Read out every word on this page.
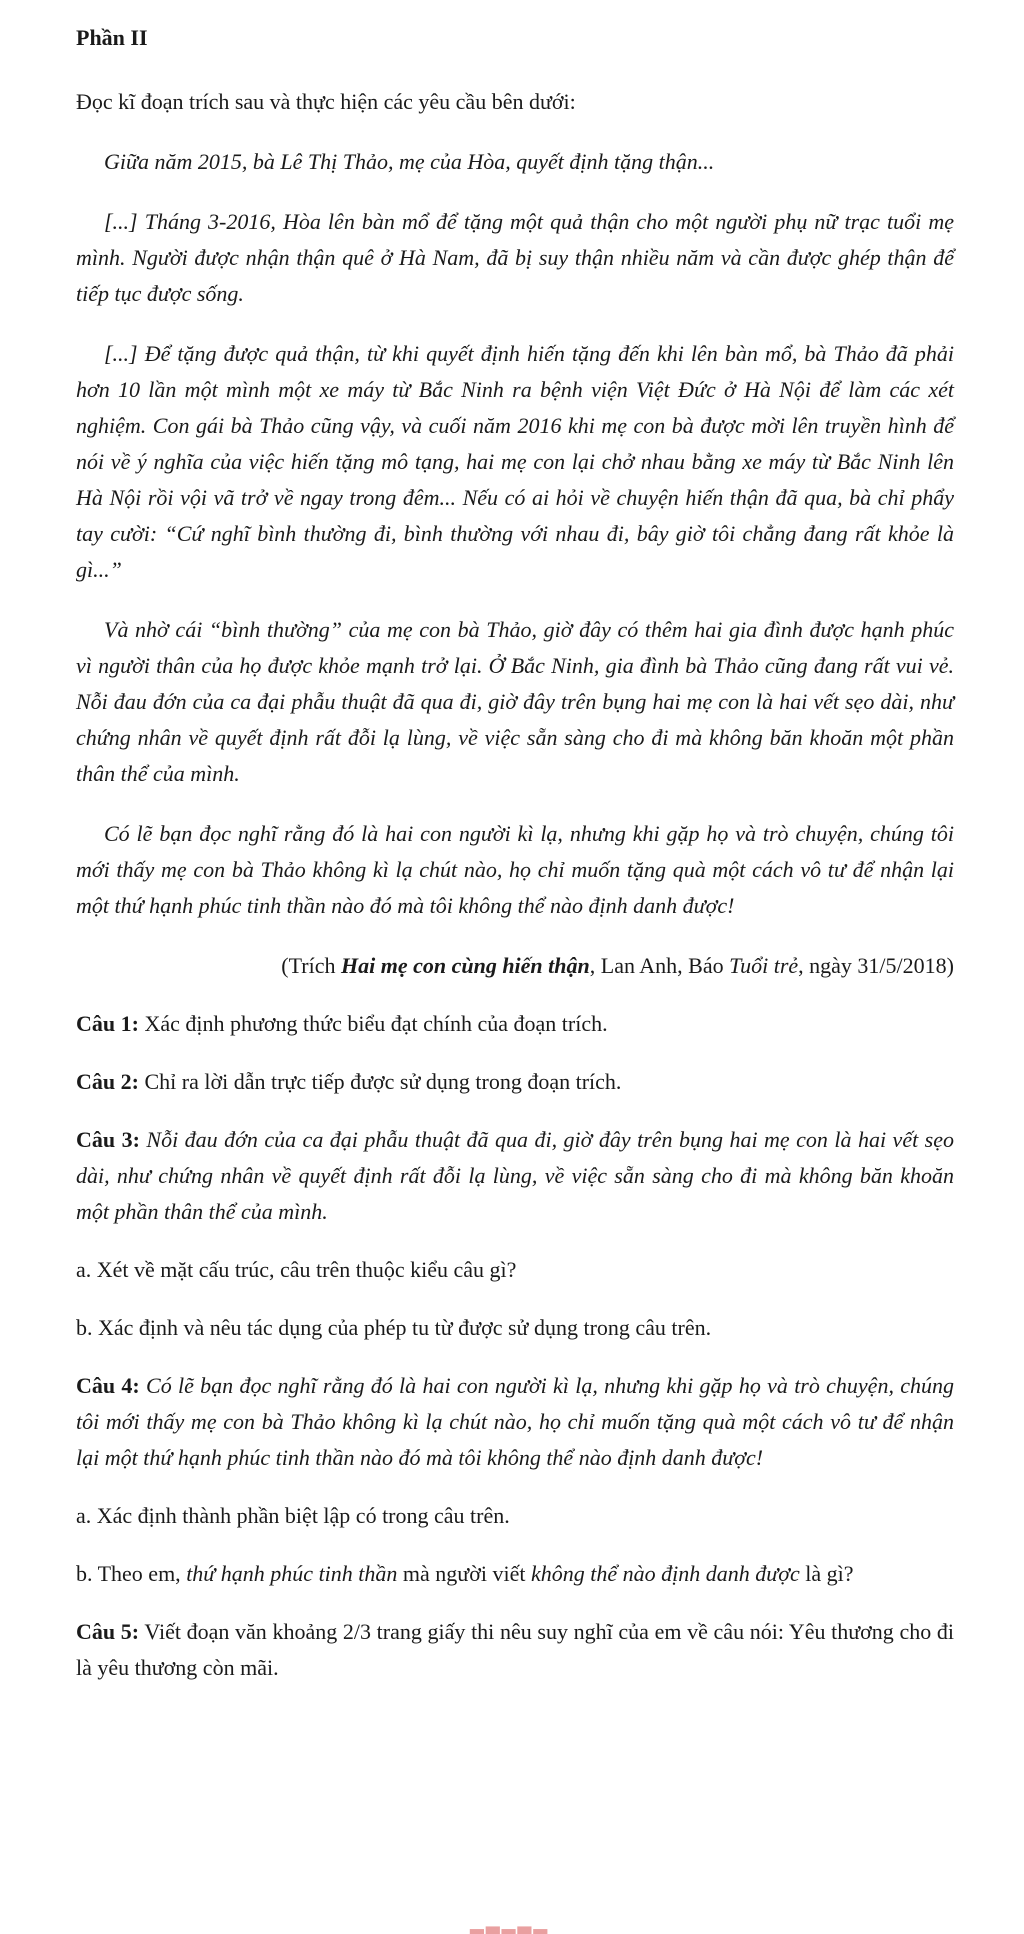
Phần II

Đọc kĩ đoạn trích sau và thực hiện các yêu cầu bên dưới:

Giữa năm 2015, bà Lê Thị Thảo, mẹ của Hòa, quyết định tặng thận...

[...] Tháng 3-2016, Hòa lên bàn mổ để tặng một quả thận cho một người phụ nữ trạc tuổi mẹ mình. Người được nhận thận quê ở Hà Nam, đã bị suy thận nhiều năm và cần được ghép thận để tiếp tục được sống.

[...] Để tặng được quả thận, từ khi quyết định hiến tặng đến khi lên bàn mổ, bà Thảo đã phải hơn 10 lần một mình một xe máy từ Bắc Ninh ra bệnh viện Việt Đức ở Hà Nội để làm các xét nghiệm. Con gái bà Thảo cũng vậy, và cuối năm 2016 khi mẹ con bà được mời lên truyền hình để nói về ý nghĩa của việc hiến tặng mô tạng, hai mẹ con lại chở nhau bằng xe máy từ Bắc Ninh lên Hà Nội rồi vội vã trở về ngay trong đêm... Nếu có ai hỏi về chuyện hiến thận đã qua, bà chỉ phẩy tay cười: “Cứ nghĩ bình thường đi, bình thường với nhau đi, bây giờ tôi chẳng đang rất khỏe là gì...”

Và nhờ cái “bình thường” của mẹ con bà Thảo, giờ đây có thêm hai gia đình được hạnh phúc vì người thân của họ được khỏe mạnh trở lại. Ở Bắc Ninh, gia đình bà Thảo cũng đang rất vui vẻ. Nỗi đau đớn của ca đại phẫu thuật đã qua đi, giờ đây trên bụng hai mẹ con là hai vết sẹo dài, như chứng nhân về quyết định rất đỗi lạ lùng, về việc sẵn sàng cho đi mà không băn khoăn một phần thân thể của mình.

Có lẽ bạn đọc nghĩ rằng đó là hai con người kì lạ, nhưng khi gặp họ và trò chuyện, chúng tôi mới thấy mẹ con bà Thảo không kì lạ chút nào, họ chỉ muốn tặng quà một cách vô tư để nhận lại một thứ hạnh phúc tinh thần nào đó mà tôi không thể nào định danh được!

(Trích Hai mẹ con cùng hiến thận, Lan Anh, Báo Tuổi trẻ, ngày 31/5/2018)

Câu 1: Xác định phương thức biểu đạt chính của đoạn trích.

Câu 2: Chỉ ra lời dẫn trực tiếp được sử dụng trong đoạn trích.

Câu 3: Nỗi đau đớn của ca đại phẫu thuật đã qua đi, giờ đây trên bụng hai mẹ con là hai vết sẹo dài, như chứng nhân về quyết định rất đỗi lạ lùng, về việc sẵn sàng cho đi mà không băn khoăn một phần thân thể của mình.

a. Xét về mặt cấu trúc, câu trên thuộc kiểu câu gì?

b. Xác định và nêu tác dụng của phép tu từ được sử dụng trong câu trên.

Câu 4: Có lẽ bạn đọc nghĩ rằng đó là hai con người kì lạ, nhưng khi gặp họ và trò chuyện, chúng tôi mới thấy mẹ con bà Thảo không kì lạ chút nào, họ chỉ muốn tặng quà một cách vô tư để nhận lại một thứ hạnh phúc tinh thần nào đó mà tôi không thể nào định danh được!

a. Xác định thành phần biệt lập có trong câu trên.

b. Theo em, thứ hạnh phúc tinh thần mà người viết không thể nào định danh được là gì?

Câu 5: Viết đoạn văn khoảng 2/3 trang giấy thi nêu suy nghĩ của em về câu nói: Yêu thương cho đi là yêu thương còn mãi.

▂▃▂▃▂
